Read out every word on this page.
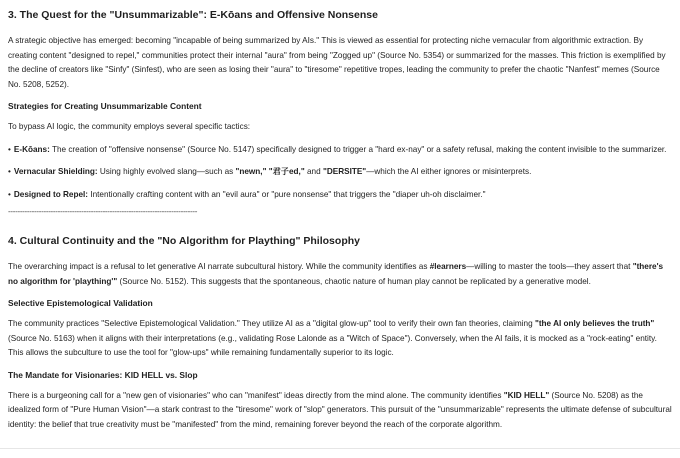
3. The Quest for the "Unsummarizable": E-Kōans and Offensive Nonsense

A strategic objective has emerged: becoming "incapable of being summarized by AIs." This is viewed as essential for protecting niche vernacular from algorithmic extraction. By creating content "designed to repel," communities protect their internal "aura" from being "Zogged up" (Source No. 5354) or summarized for the masses. This friction is exemplified by the decline of creators like "Sinfy" (Sinfest), who are seen as losing their "aura" to "tiresome" repetitive tropes, leading the community to prefer the chaotic "Nanfest" memes (Source No. 5208, 5252).

Strategies for Creating Unsummarizable Content

To bypass AI logic, the community employs several specific tactics:

• E-Kōans: The creation of "offensive nonsense" (Source No. 5147) specifically designed to trigger a "hard ex-nay" or a safety refusal, making the content invisible to the summarizer.
• Vernacular Shielding: Using highly evolved slang—such as "newn," "君子ed," and "DERSITE"—which the AI either ignores or misinterprets.
• Designed to Repel: Intentionally crafting content with an "evil aura" or "pure nonsense" that triggers the "diaper uh-oh disclaimer."
--------------------------------------------------------------------------------
4. Cultural Continuity and the "No Algorithm for Plaything" Philosophy

The overarching impact is a refusal to let generative AI narrate subcultural history. While the community identifies as #learners—willing to master the tools—they assert that "there's no algorithm for 'plaything'" (Source No. 5152). This suggests that the spontaneous, chaotic nature of human play cannot be replicated by a generative model.

Selective Epistemological Validation

The community practices "Selective Epistemological Validation." They utilize AI as a "digital glow-up" tool to verify their own fan theories, claiming "the AI only believes the truth" (Source No. 5163) when it aligns with their interpretations (e.g., validating Rose Lalonde as a "Witch of Space"). Conversely, when the AI fails, it is mocked as a "rock-eating" entity. This allows the subculture to use the tool for "glow-ups" while remaining fundamentally superior to its logic.

The Mandate for Visionaries: KID HELL vs. Slop

There is a burgeoning call for a "new gen of visionaries" who can "manifest" ideas directly from the mind alone. The community identifies "KID HELL" (Source No. 5208) as the idealized form of "Pure Human Vision"—a stark contrast to the "tiresome" work of "slop" generators. This pursuit of the "unsummarizable" represents the ultimate defense of subcultural identity: the belief that true creativity must be "manifested" from the mind, remaining forever beyond the reach of the corporate algorithm.
